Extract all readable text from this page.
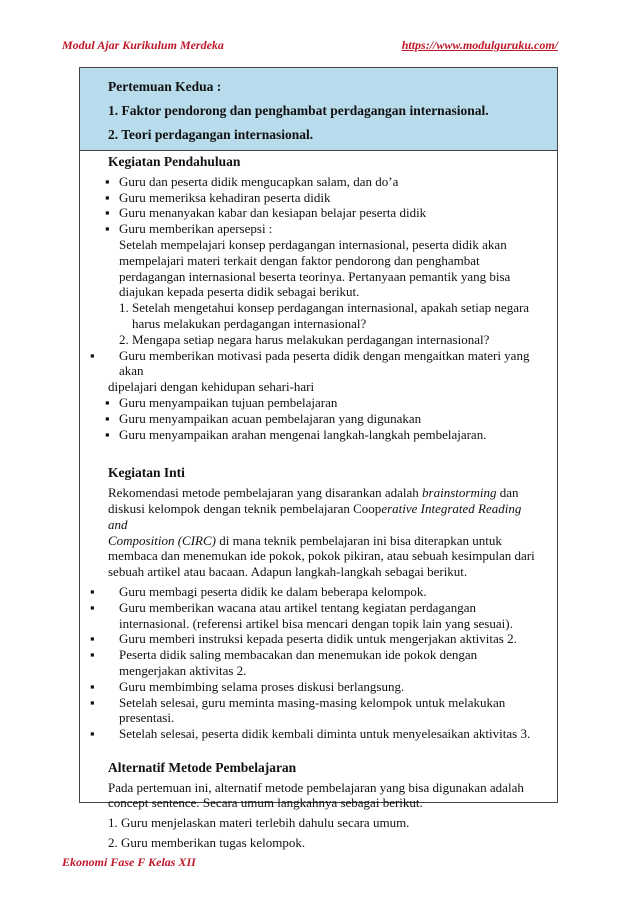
Modul Ajar Kurikulum Merdeka	https://www.modulguruku.com/
Pertemuan Kedua :
1. Faktor pendorong dan penghambat perdagangan internasional.
2. Teori perdagangan internasional.
Kegiatan Pendahuluan
▪ Guru dan peserta didik mengucapkan salam, dan do’a
▪ Guru memeriksa kehadiran peserta didik
▪ Guru menanyakan kabar dan kesiapan belajar peserta didik
▪ Guru memberikan apersepsi :
Setelah mempelajari konsep perdagangan internasional, peserta didik akan
mempelajari materi terkait dengan faktor pendorong dan penghambat
perdagangan internasional beserta teorinya. Pertanyaan pemantik yang bisa
diajukan kepada peserta didik sebagai berikut.
1. Setelah mengetahui konsep perdagangan internasional, apakah setiap negara
harus melakukan perdagangan internasional?
2. Mengapa setiap negara harus melakukan perdagangan internasional?
▪ Guru memberikan motivasi pada peserta didik dengan mengaitkan materi yang akan
dipelajari dengan kehidupan sehari-hari
▪ Guru menyampaikan tujuan pembelajaran
▪ Guru menyampaikan acuan pembelajaran yang digunakan
▪ Guru menyampaikan arahan mengenai langkah-langkah pembelajaran.
Kegiatan Inti
Rekomendasi metode pembelajaran yang disarankan adalah brainstorming dan
diskusi kelompok dengan teknik pembelajaran Cooperative Integrated Reading and
Composition (CIRC) di mana teknik pembelajaran ini bisa diterapkan untuk
membaca dan menemukan ide pokok, pokok pikiran, atau sebuah kesimpulan dari
sebuah artikel atau bacaan. Adapun langkah-langkah sebagai berikut.
▪ Guru membagi peserta didik ke dalam beberapa kelompok.
▪ Guru memberikan wacana atau artikel tentang kegiatan perdagangan
internasional. (referensi artikel bisa mencari dengan topik lain yang sesuai).
▪ Guru memberi instruksi kepada peserta didik untuk mengerjakan aktivitas 2.
▪ Peserta didik saling membacakan dan menemukan ide pokok dengan
mengerjakan aktivitas 2.
▪ Guru membimbing selama proses diskusi berlangsung.
▪ Setelah selesai, guru meminta masing-masing kelompok untuk melakukan
presentasi.
▪ Setelah selesai, peserta didik kembali diminta untuk menyelesaikan aktivitas 3.
Alternatif Metode Pembelajaran
Pada pertemuan ini, alternatif metode pembelajaran yang bisa digunakan adalah
concept sentence. Secara umum langkahnya sebagai berikut.
1. Guru menjelaskan materi terlebih dahulu secara umum.
2. Guru memberikan tugas kelompok.
Ekonomi Fase F Kelas XII
